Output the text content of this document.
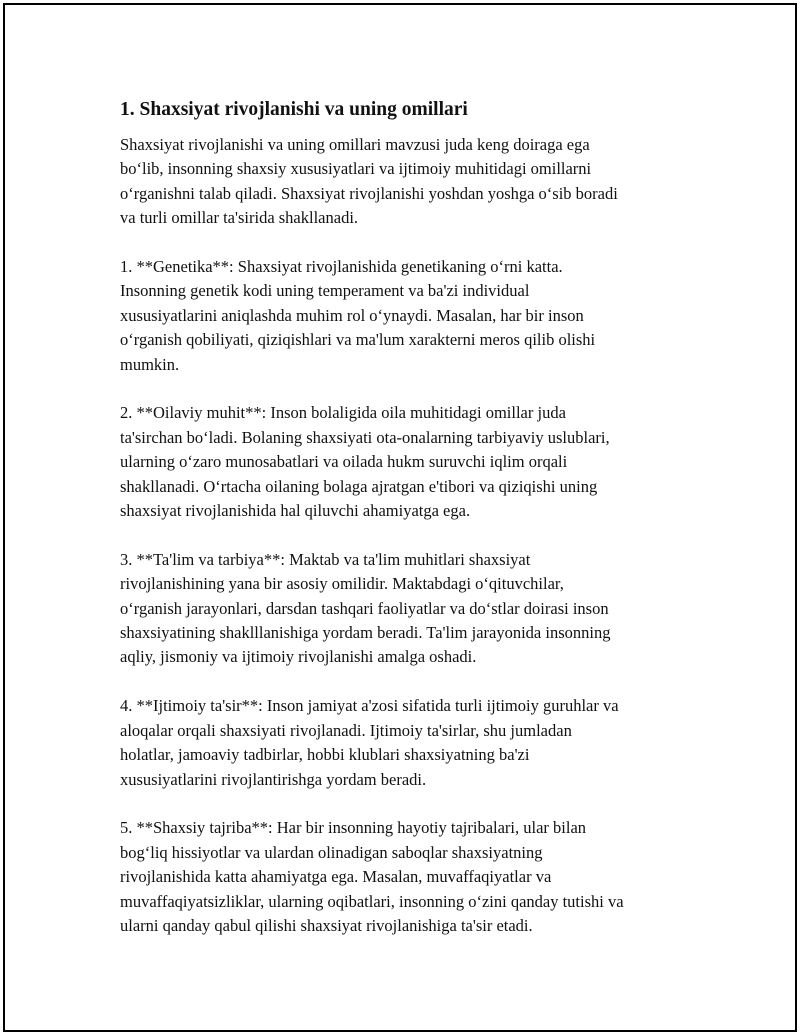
1. Shaxsiyat rivojlanishi va uning omillari

Shaxsiyat rivojlanishi va uning omillari mavzusi juda keng doiraga ega
bo‘lib, insonning shaxsiy xususiyatlari va ijtimoiy muhitidagi omillarni
o‘rganishni talab qiladi. Shaxsiyat rivojlanishi yoshdan yoshga o‘sib boradi
va turli omillar ta'sirida shakllanadi.

1. **Genetika**: Shaxsiyat rivojlanishida genetikaning o‘rni katta.
Insonning genetik kodi uning temperament va ba'zi individual
xususiyatlarini aniqlashda muhim rol o‘ynaydi. Masalan, har bir inson
o‘rganish qobiliyati, qiziqishlari va ma'lum xarakterni meros qilib olishi
mumkin.

2. **Oilaviy muhit**: Inson bolaligida oila muhitidagi omillar juda
ta'sirchan bo‘ladi. Bolaning shaxsiyati ota-onalarning tarbiyaviy uslublari,
ularning o‘zaro munosabatlari va oilada hukm suruvchi iqlim orqali
shakllanadi. O‘rtacha oilaning bolaga ajratgan e'tibori va qiziqishi uning
shaxsiyat rivojlanishida hal qiluvchi ahamiyatga ega.

3. **Ta'lim va tarbiya**: Maktab va ta'lim muhitlari shaxsiyat
rivojlanishining yana bir asosiy omilidir. Maktabdagi o‘qituvchilar,
o‘rganish jarayonlari, darsdan tashqari faoliyatlar va do‘stlar doirasi inson
shaxsiyatining shaklllanishiga yordam beradi. Ta'lim jarayonida insonning
aqliy, jismoniy va ijtimoiy rivojlanishi amalga oshadi.

4. **Ijtimoiy ta'sir**: Inson jamiyat a'zosi sifatida turli ijtimoiy guruhlar va
aloqalar orqali shaxsiyati rivojlanadi. Ijtimoiy ta'sirlar, shu jumladan
holatlar, jamoaviy tadbirlar, hobbi klublari shaxsiyatning ba'zi
xususiyatlarini rivojlantirishga yordam beradi.

5. **Shaxsiy tajriba**: Har bir insonning hayotiy tajribalari, ular bilan
bog‘liq hissiyotlar va ulardan olinadigan saboqlar shaxsiyatning
rivojlanishida katta ahamiyatga ega. Masalan, muvaffaqiyatlar va
muvaffaqiyatsizliklar, ularning oqibatlari, insonning o‘zini qanday tutishi va
ularni qanday qabul qilishi shaxsiyat rivojlanishiga ta'sir etadi.
